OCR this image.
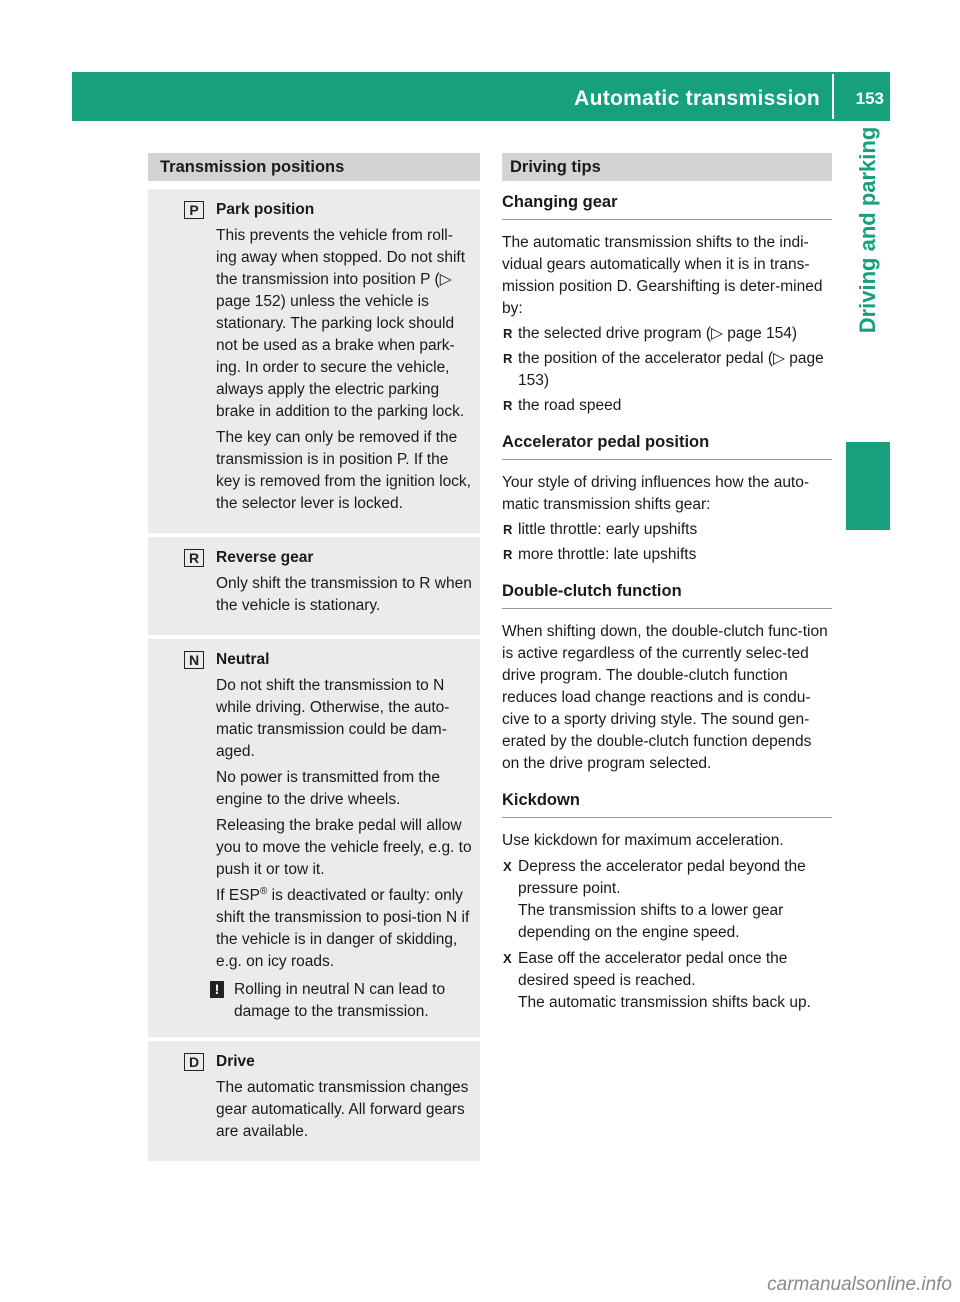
Automatic transmission 153
Driving and parking
Transmission positions
P	Park position
This prevents the vehicle from roll-ing away when stopped. Do not shift the transmission into position P (▷ page 152) unless the vehicle is stationary. The parking lock should not be used as a brake when park-ing. In order to secure the vehicle, always apply the electric parking brake in addition to the parking lock.
The key can only be removed if the transmission is in position P. If the key is removed from the ignition lock, the selector lever is locked.
R	Reverse gear
Only shift the transmission to R when the vehicle is stationary.
N	Neutral
Do not shift the transmission to N while driving. Otherwise, the auto-matic transmission could be dam-aged.
No power is transmitted from the engine to the drive wheels.
Releasing the brake pedal will allow you to move the vehicle freely, e.g. to push it or tow it.
If ESP® is deactivated or faulty: only shift the transmission to posi-tion N if the vehicle is in danger of skidding, e.g. on icy roads.
! Rolling in neutral N can lead to damage to the transmission.
D	Drive
The automatic transmission changes gear automatically. All forward gears are available.
Driving tips
Changing gear

The automatic transmission shifts to the indi-vidual gears automatically when it is in trans-mission position D. Gearshifting is deter-mined by:

R the selected drive program (▷ page 154)
R the position of the accelerator pedal (▷ page 153)
R the road speed
Accelerator pedal position

Your style of driving influences how the auto-matic transmission shifts gear:

R little throttle: early upshifts
R more throttle: late upshifts
Double-clutch function

When shifting down, the double-clutch func-tion is active regardless of the currently selec-ted drive program. The double-clutch function reduces load change reactions and is condu-cive to a sporty driving style. The sound gen-erated by the double-clutch function depends on the drive program selected.

Kickdown

Use kickdown for maximum acceleration.

X Depress the accelerator pedal beyond the pressure point.
The transmission shifts to a lower gear depending on the engine speed.
X Ease off the accelerator pedal once the desired speed is reached.
The automatic transmission shifts back up.
carmanualsonline.info
